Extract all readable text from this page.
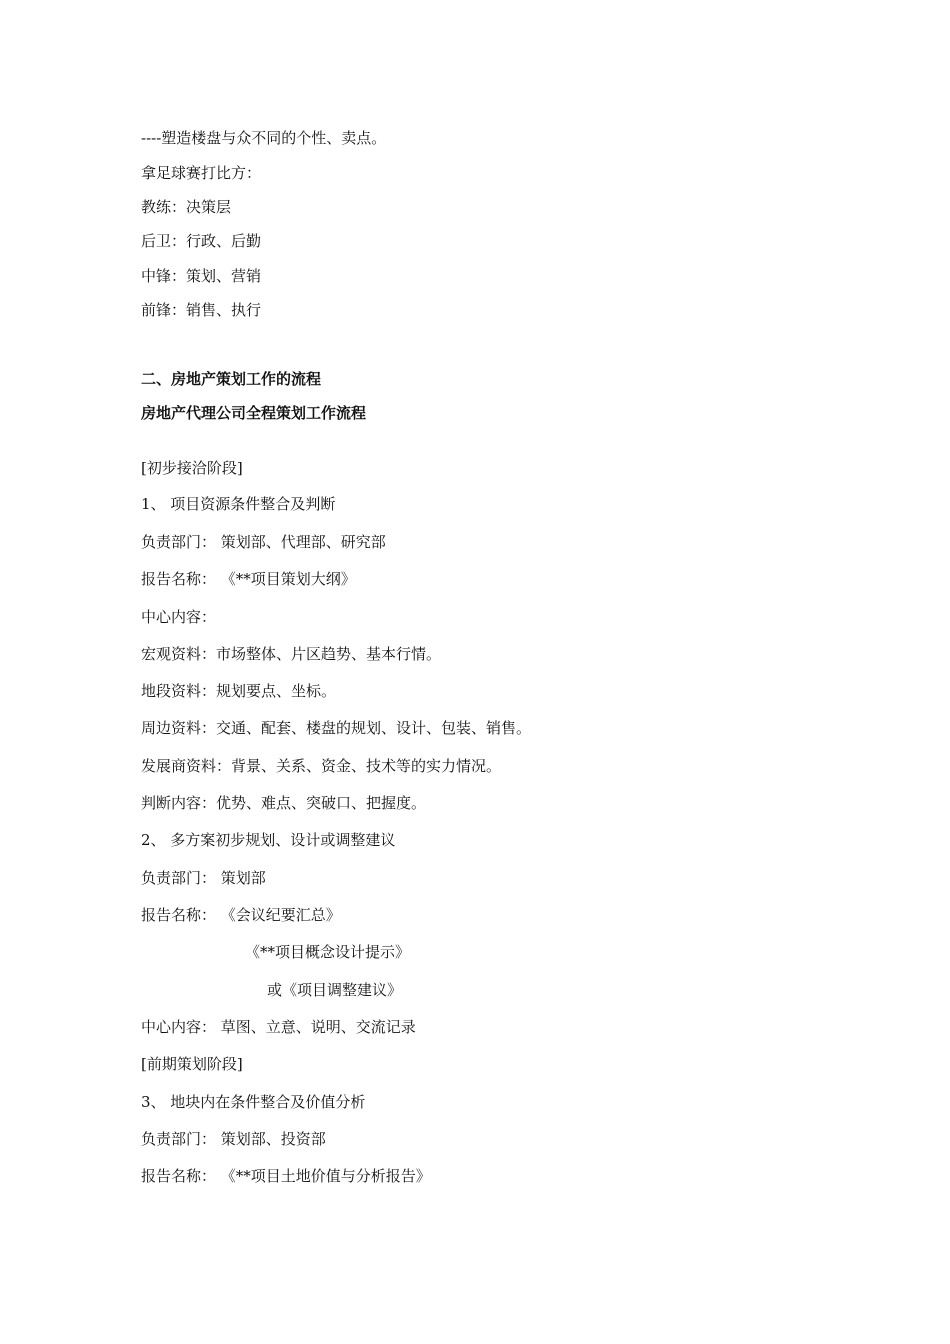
----塑造楼盘与众不同的个性、卖点。
拿足球赛打比方：
教练：决策层
后卫：行政、后勤
中锋：策划、营销
前锋：销售、执行
二、房地产策划工作的流程
房地产代理公司全程策划工作流程
[初步接洽阶段]
1、 项目资源条件整合及判断
负责部门： 策划部、代理部、研究部
报告名称： 《**项目策划大纲》
中心内容：
宏观资料：市场整体、片区趋势、基本行情。
地段资料：规划要点、坐标。
周边资料：交通、配套、楼盘的规划、设计、包装、销售。
发展商资料：背景、关系、资金、技术等的实力情况。
判断内容：优势、难点、突破口、把握度。
2、 多方案初步规划、设计或调整建议
负责部门： 策划部
报告名称： 《会议纪要汇总》
《**项目概念设计提示》
或《项目调整建议》
中心内容： 草图、立意、说明、交流记录
[前期策划阶段]
3、 地块内在条件整合及价值分析
负责部门： 策划部、投资部
报告名称： 《**项目土地价值与分析报告》
